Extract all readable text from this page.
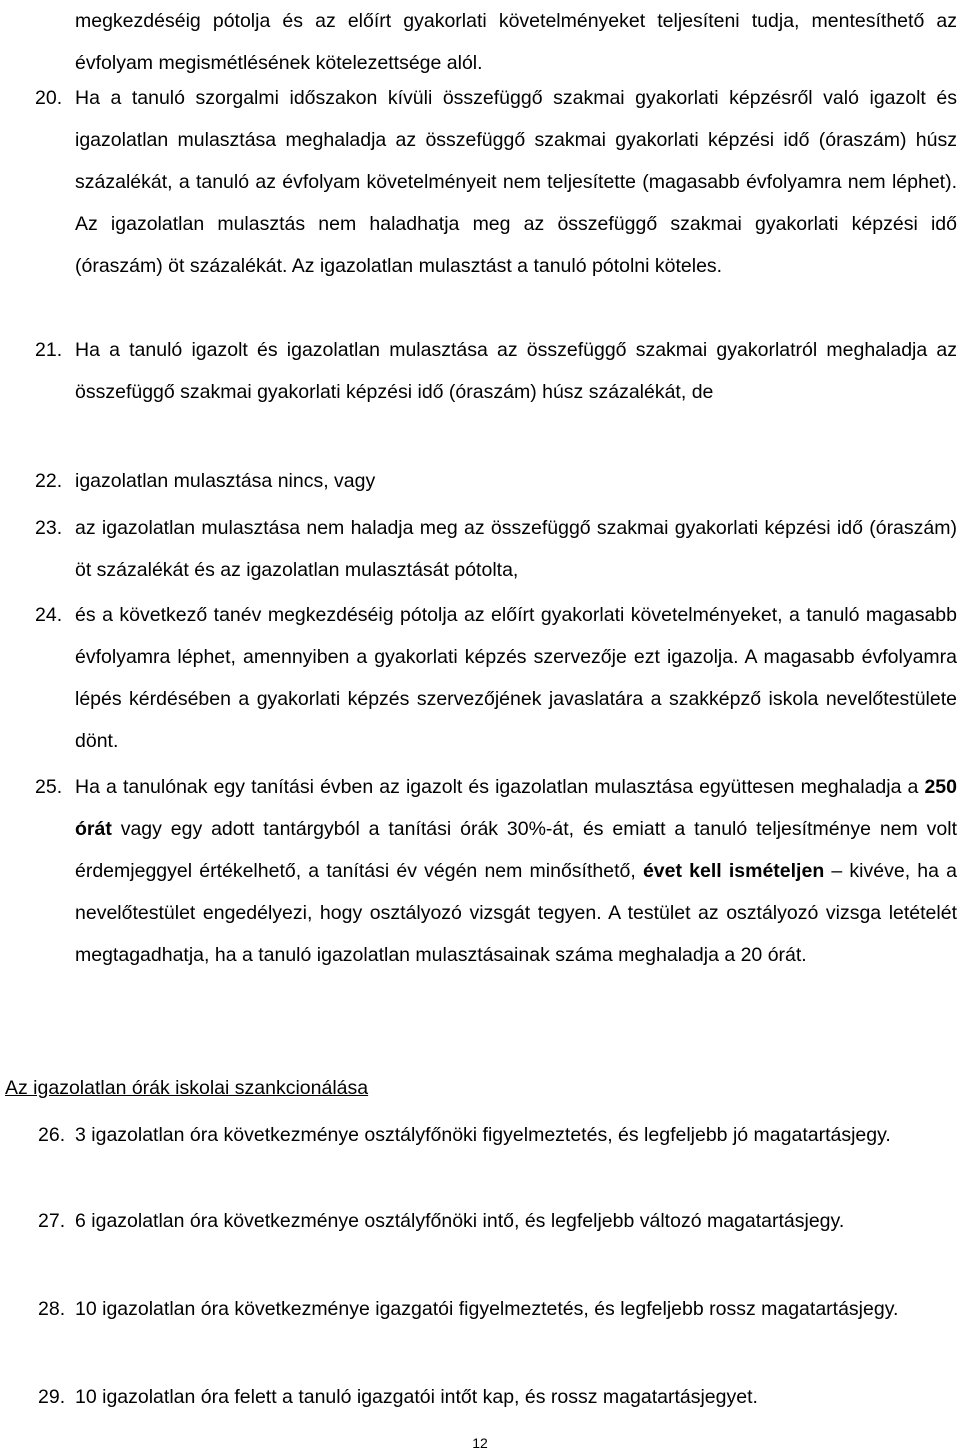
megkezdéséig pótolja és az előírt gyakorlati követelményeket teljesíteni tudja, mentesíthető az évfolyam megismétlésének kötelezettsége alól.

20. Ha a tanuló szorgalmi időszakon kívüli összefüggő szakmai gyakorlati képzésről való igazolt és igazolatlan mulasztása meghaladja az összefüggő szakmai gyakorlati képzési idő (óraszám) húsz százalékát, a tanuló az évfolyam követelményeit nem teljesítette (magasabb évfolyamra nem léphet). Az igazolatlan mulasztás nem haladhatja meg az összefüggő szakmai gyakorlati képzési idő (óraszám) öt százalékát. Az igazolatlan mulasztást a tanuló pótolni köteles.
21. Ha a tanuló igazolt és igazolatlan mulasztása az összefüggő szakmai gyakorlatról meghaladja az összefüggő szakmai gyakorlati képzési idő (óraszám) húsz százalékát, de
22. igazolatlan mulasztása nincs, vagy
23. az igazolatlan mulasztása nem haladja meg az összefüggő szakmai gyakorlati képzési idő (óraszám) öt százalékát és az igazolatlan mulasztását pótolta,
24. és a következő tanév megkezdéséig pótolja az előírt gyakorlati követelményeket, a tanuló magasabb évfolyamra léphet, amennyiben a gyakorlati képzés szervezője ezt igazolja. A magasabb évfolyamra lépés kérdésében a gyakorlati képzés szervezőjének javaslatára a szakképző iskola nevelőtestülete dönt.
25. Ha a tanulónak egy tanítási évben az igazolt és igazolatlan mulasztása együttesen meghaladja a 250 órát vagy egy adott tantárgyból a tanítási órák 30%-át, és emiatt a tanuló teljesítménye nem volt érdemjeggyel értékelhető, a tanítási év végén nem minősíthető, évet kell ismételjen – kivéve, ha a nevelőtestület engedélyezi, hogy osztályozó vizsgát tegyen. A testület az osztályozó vizsga letételét megtagadhatja, ha a tanuló igazolatlan mulasztásainak száma meghaladja a 20 órát.
Az igazolatlan órák iskolai szankcionálása
26. 3 igazolatlan óra következménye osztályfőnöki figyelmeztetés, és legfeljebb jó magatartásjegy.
27. 6 igazolatlan óra következménye osztályfőnöki intő, és legfeljebb változó magatartásjegy.
28. 10 igazolatlan óra következménye igazgatói figyelmeztetés, és legfeljebb rossz magatartásjegy.
29. 10 igazolatlan óra felett a tanuló igazgatói intőt kap, és rossz magatartásjegyet.
12
